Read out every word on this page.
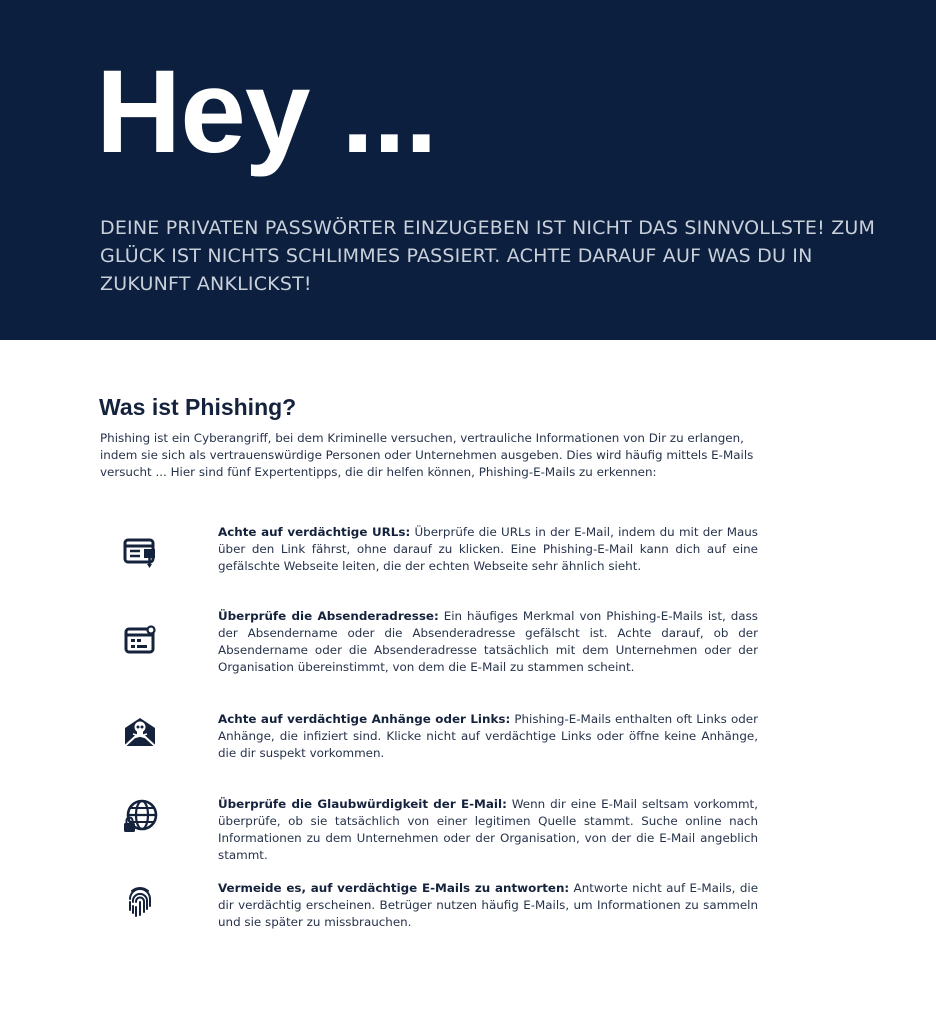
Hey ...

DEINE PRIVATEN PASSWÖRTER EINZUGEBEN IST NICHT DAS SINNVOLLSTE! ZUM GLÜCK IST NICHTS SCHLIMMES PASSIERT. ACHTE DARAUF AUF WAS DU IN ZUKUNFT ANKLICKST!

Was ist Phishing?

Phishing ist ein Cyberangriff, bei dem Kriminelle versuchen, vertrauliche Informationen von Dir zu erlangen, indem sie sich als vertrauenswürdige Personen oder Unternehmen ausgeben. Dies wird häufig mittels E-Mails versucht ... Hier sind fünf Expertentipps, die dir helfen können, Phishing-E-Mails zu erkennen:

Achte auf verdächtige URLs: Überprüfe die URLs in der E-Mail, indem du mit der Maus über den Link fährst, ohne darauf zu klicken. Eine Phishing-E-Mail kann dich auf eine gefälschte Webseite leiten, die der echten Webseite sehr ähnlich sieht.

Überprüfe die Absenderadresse: Ein häufiges Merkmal von Phishing-E-Mails ist, dass der Absendername oder die Absenderadresse gefälscht ist. Achte darauf, ob der Absendername oder die Absenderadresse tatsächlich mit dem Unternehmen oder der Organisation übereinstimmt, von dem die E-Mail zu stammen scheint.

Achte auf verdächtige Anhänge oder Links: Phishing-E-Mails enthalten oft Links oder Anhänge, die infiziert sind. Klicke nicht auf verdächtige Links oder öffne keine Anhänge, die dir suspekt vorkommen.

Überprüfe die Glaubwürdigkeit der E-Mail: Wenn dir eine E-Mail seltsam vorkommt, überprüfe, ob sie tatsächlich von einer legitimen Quelle stammt. Suche online nach Informationen zu dem Unternehmen oder der Organisation, von der die E-Mail angeblich stammt.

Vermeide es, auf verdächtige E-Mails zu antworten: Antworte nicht auf E-Mails, die dir verdächtig erscheinen. Betrüger nutzen häufig E-Mails, um Informationen zu sammeln und sie später zu missbrauchen.
